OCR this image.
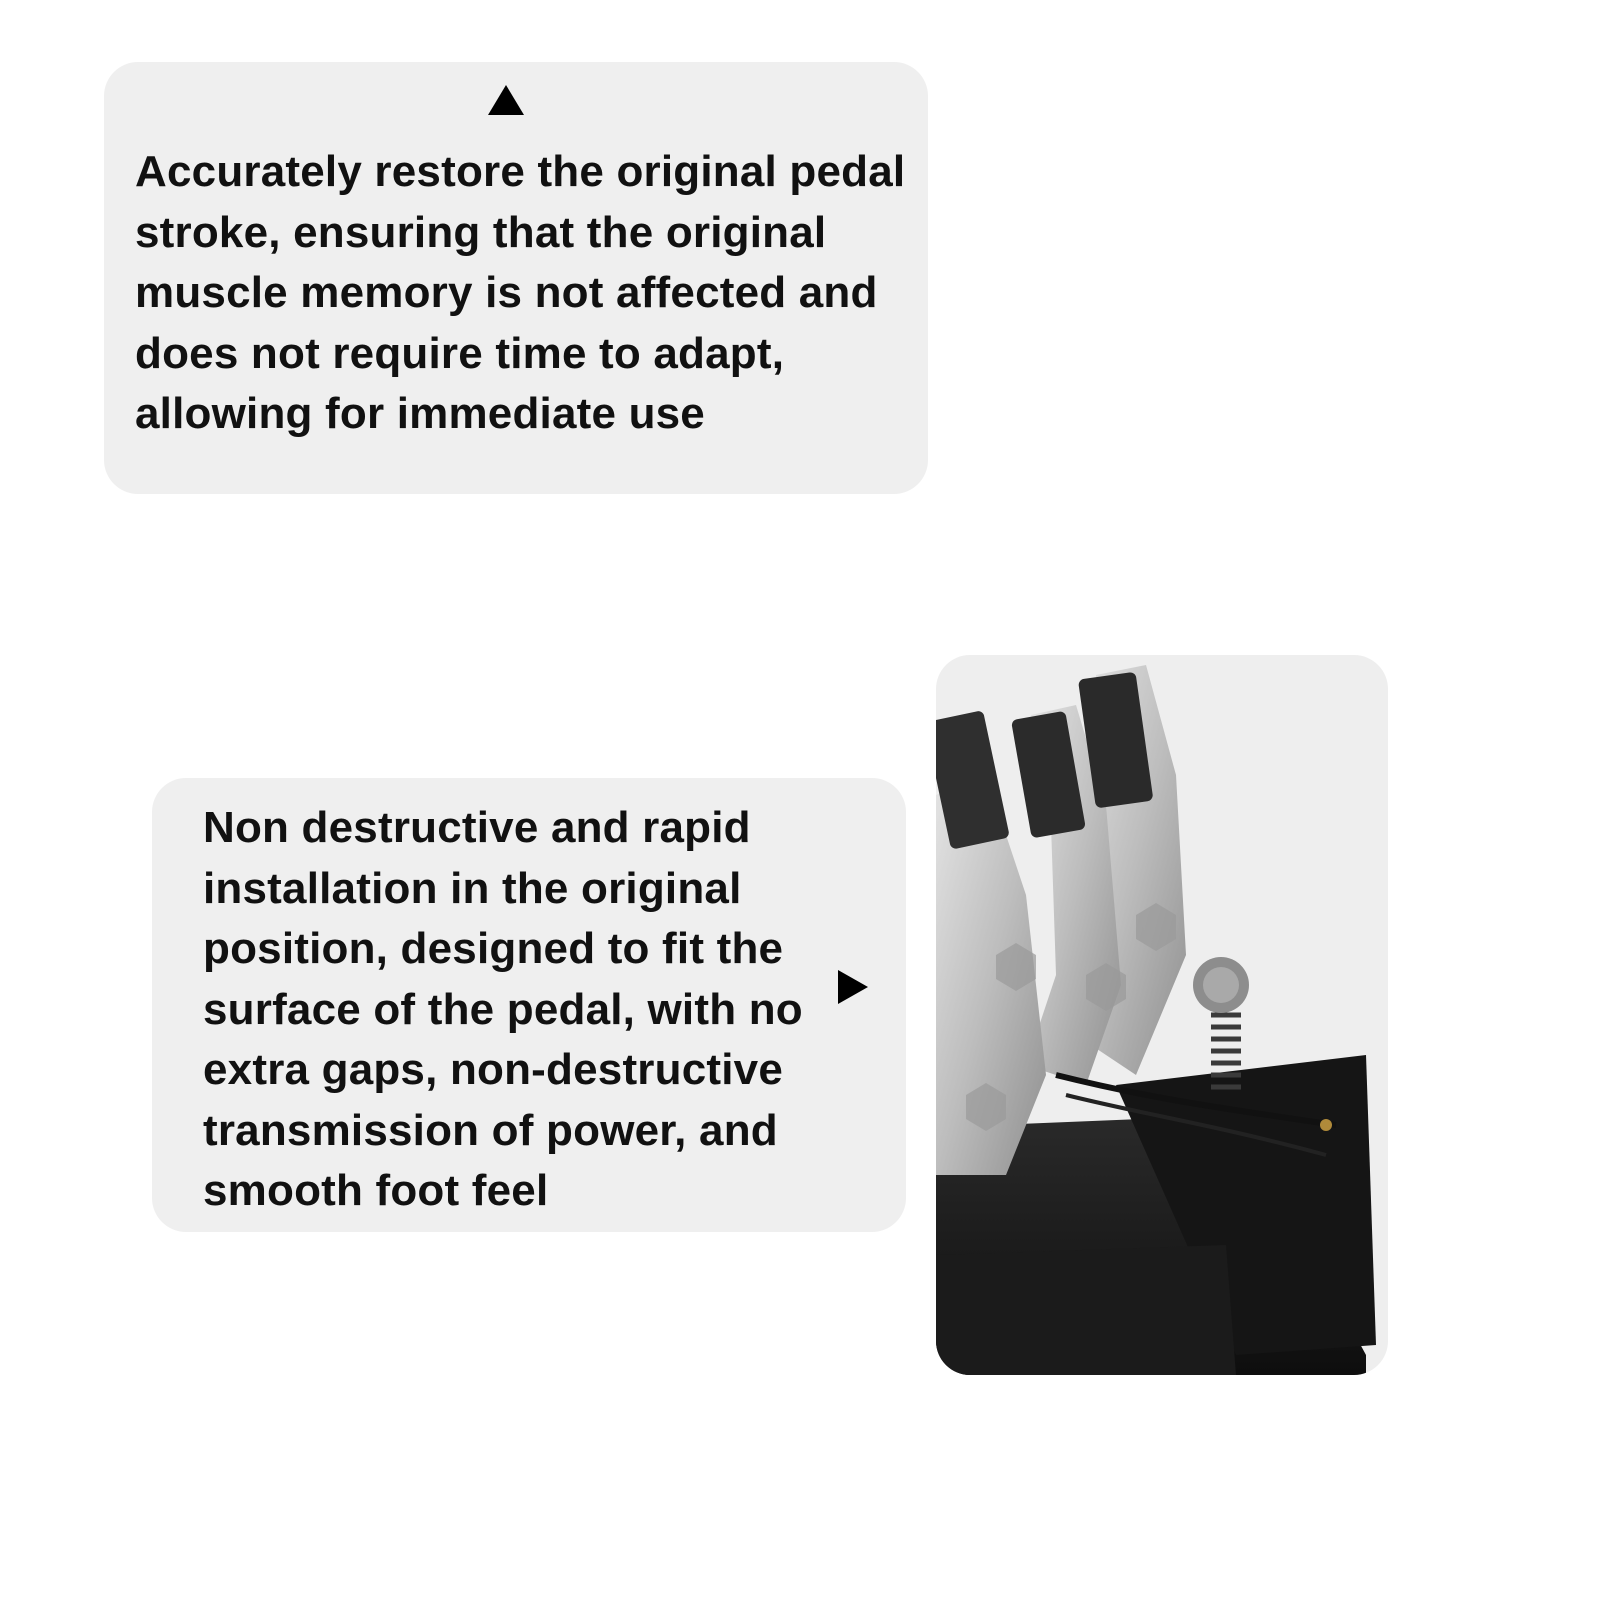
Accurately restore the original pedal stroke, ensuring that the original muscle memory is not affected and does not require time to adapt, allowing for immediate use

Non destructive and rapid installation in the original position, designed to fit the surface of the pedal, with no extra gaps, non-destructive transmission of power, and smooth foot feel
